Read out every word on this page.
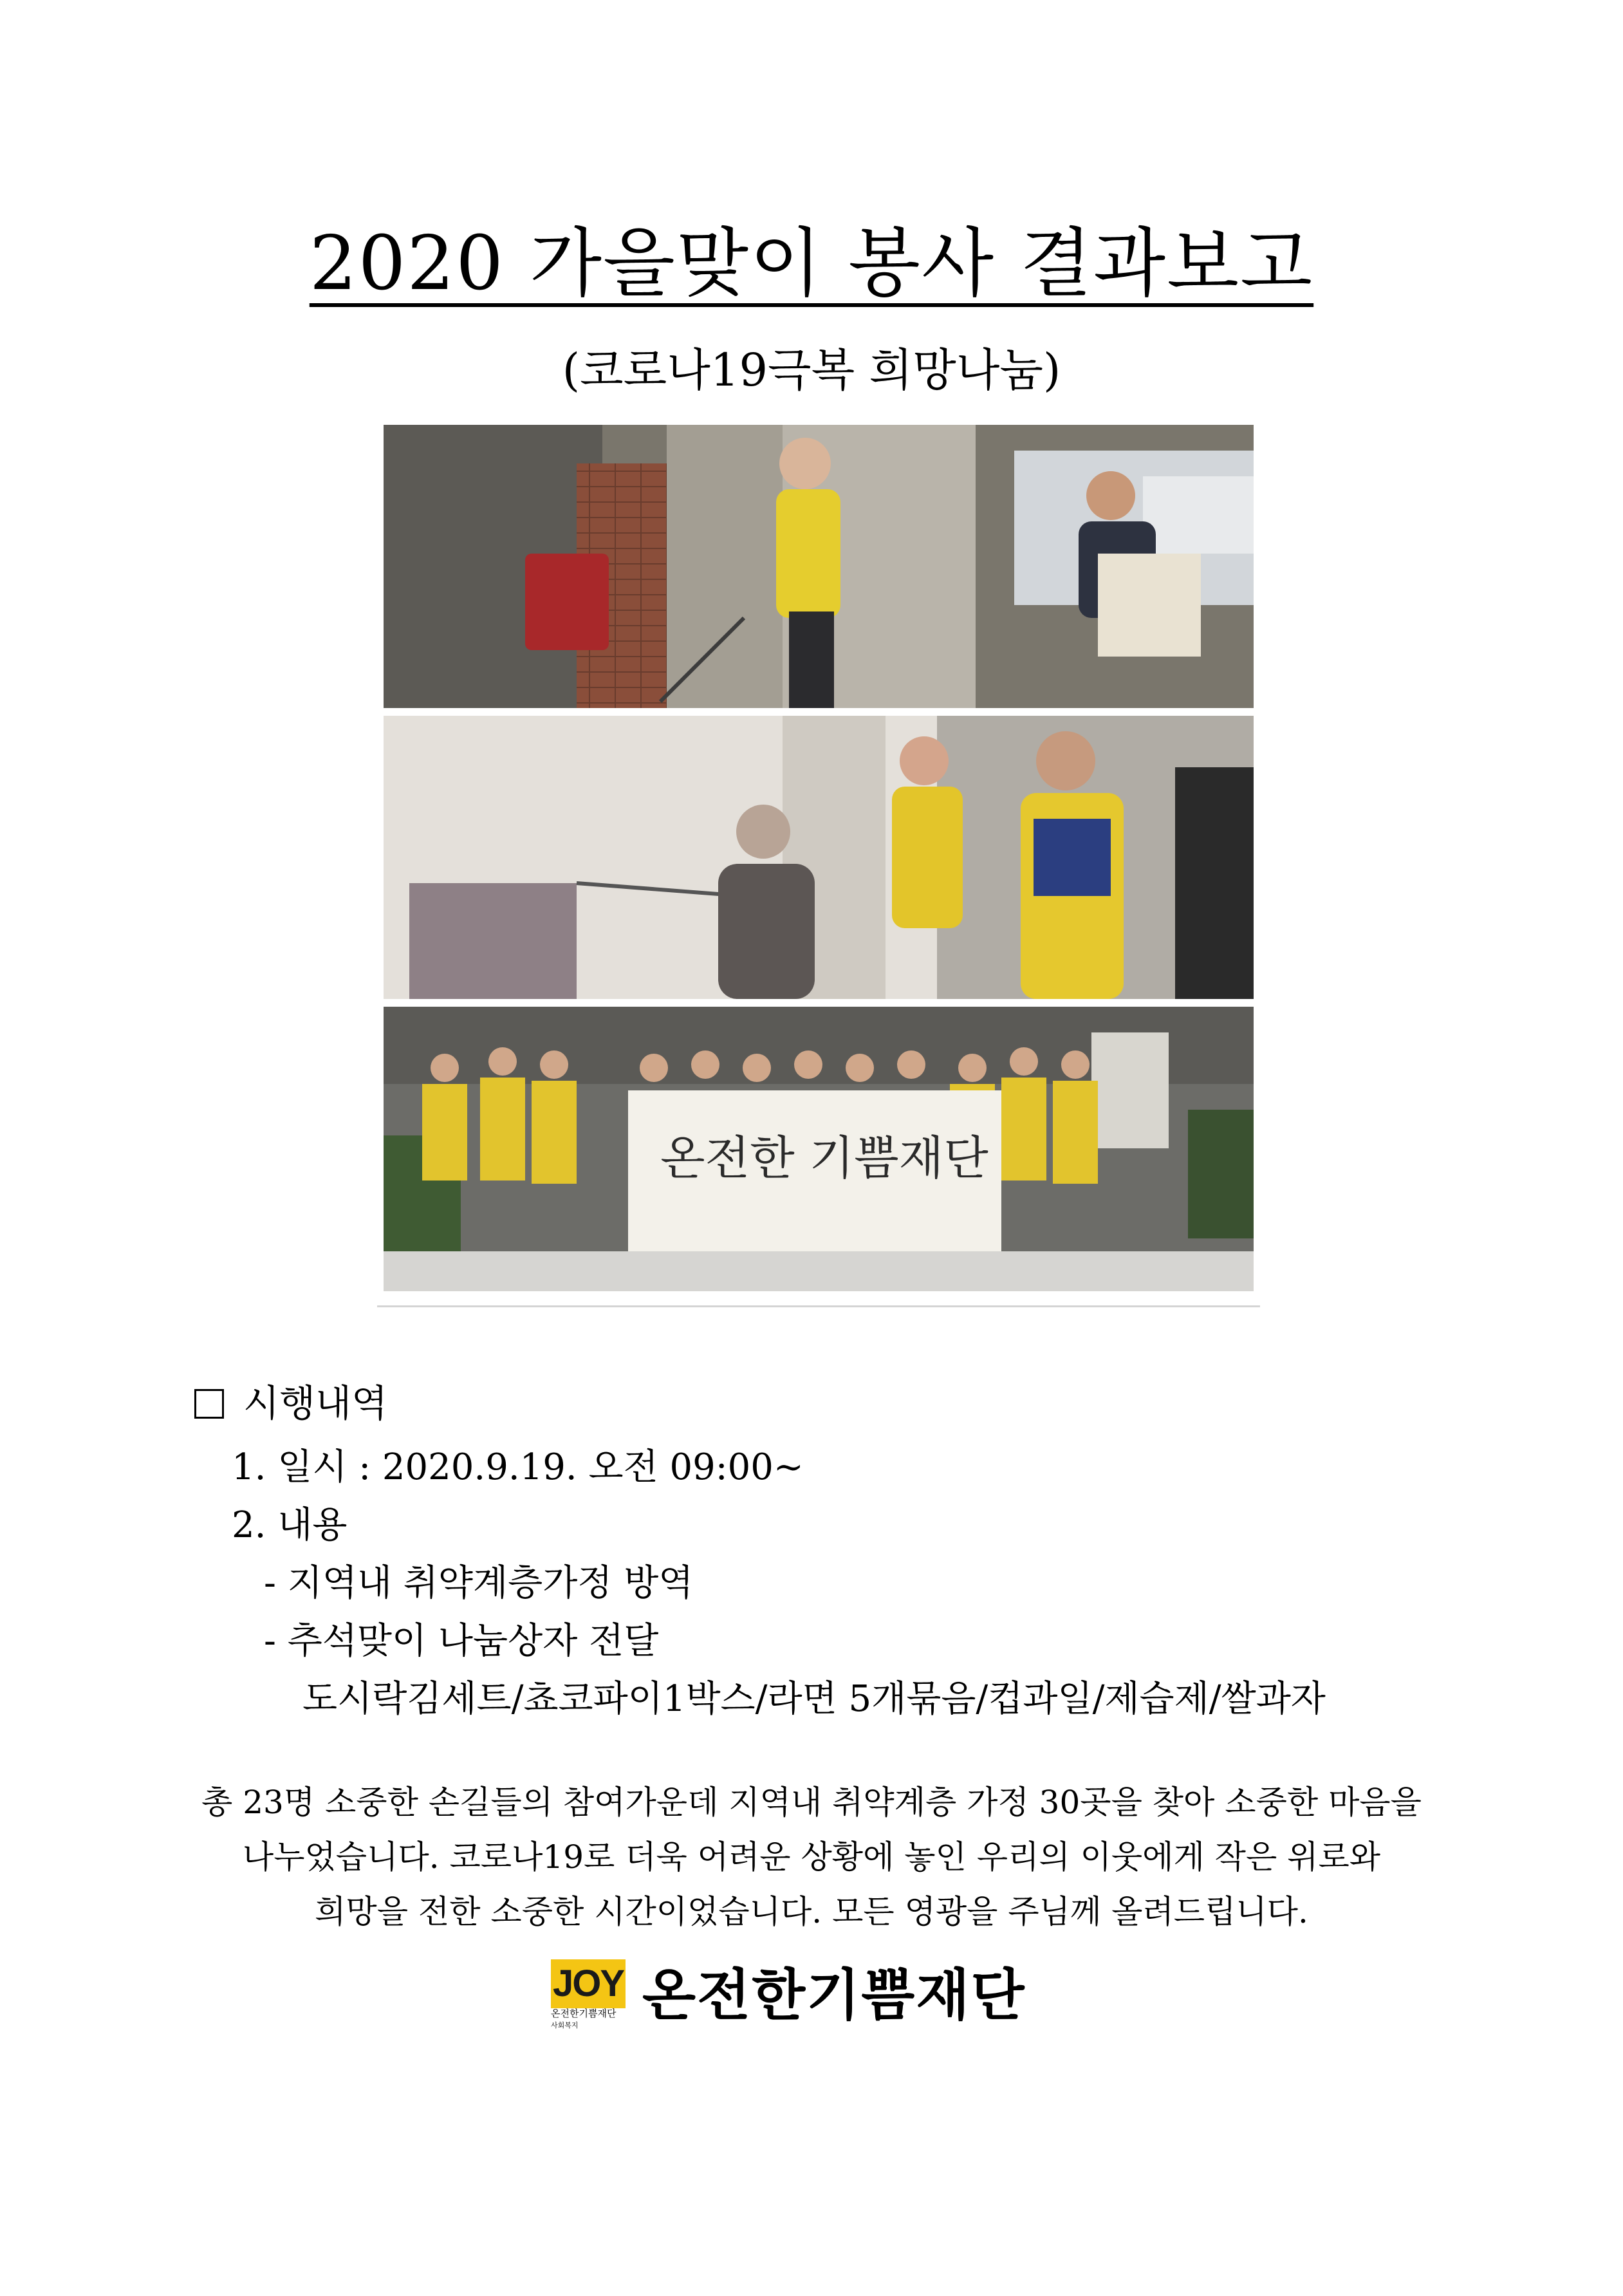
2020 가을맞이 봉사 결과보고
(코로나19극복 희망나눔)
온전한 기쁨재단
시행내역
1. 일시 : 2020.9.19. 오전 09:00~
2. 내용
- 지역내 취약계층가정 방역
- 추석맞이 나눔상자 전달
도시락김세트/쵸코파이1박스/라면 5개묶음/컵과일/제습제/쌀과자
총 23명 소중한 손길들의 참여가운데 지역내 취약계층 가정 30곳을 찾아 소중한 마음을
나누었습니다. 코로나19로 더욱 어려운 상황에 놓인 우리의 이웃에게 작은 위로와
희망을 전한 소중한 시간이었습니다. 모든 영광을 주님께 올려드립니다.
JOY
온전한기쁨재단
사회복지	온전한기쁨재단
